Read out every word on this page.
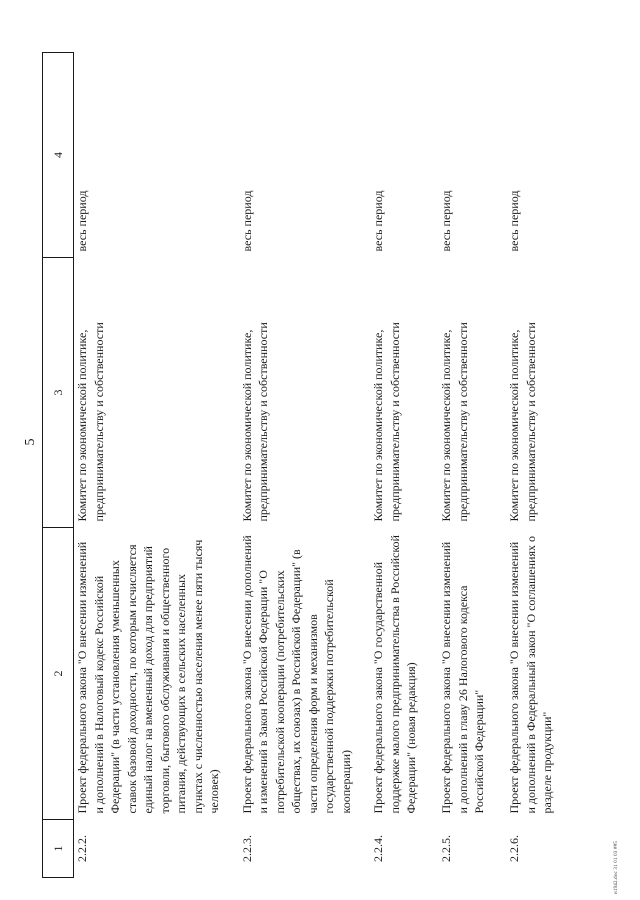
5
1	2	3	4
2.2.2.	Проект федерального закона "О внесении изменений и дополнений в Налоговый кодекс Российской Федерации" (в части установления уменьшенных ставок базовой доходности, по которым исчисляется единый налог на вмененный доход для предприятий торговли, бытового обслуживания и общественного питания, действующих в сельских населенных пунктах с численностью населения менее пяти тысяч человек)	Комитет по экономической политике, предпринимательству и собственности	весь период
2.2.3.	Проект федерального закона "О внесении дополнений и изменений в Закон Российской Федерации "О потребительской кооперации (потребительских обществах, их союзах) в Российской Федерации" (в части определения форм и механизмов государственной поддержки потребительской кооперации)	Комитет по экономической политике, предпринимательству и собственности	весь период
2.2.4.	Проект федерального закона "О государственной поддержке малого предпринимательства в Российской Федерации" (новая редакция)	Комитет по экономической политике, предпринимательству и собственности	весь период
2.2.5.	Проект федерального закона "О внесении изменений и дополнений в главу 26 Налогового кодекса Российской Федерации"	Комитет по экономической политике, предпринимательству и собственности	весь период
2.2.6.	Проект федерального закона "О внесении изменений и дополнений в Федеральный закон "О соглашениях о разделе продукции"	Комитет по экономической политике, предпринимательству и собственности	весь период
н1942.doc 31 01 03 ##5
